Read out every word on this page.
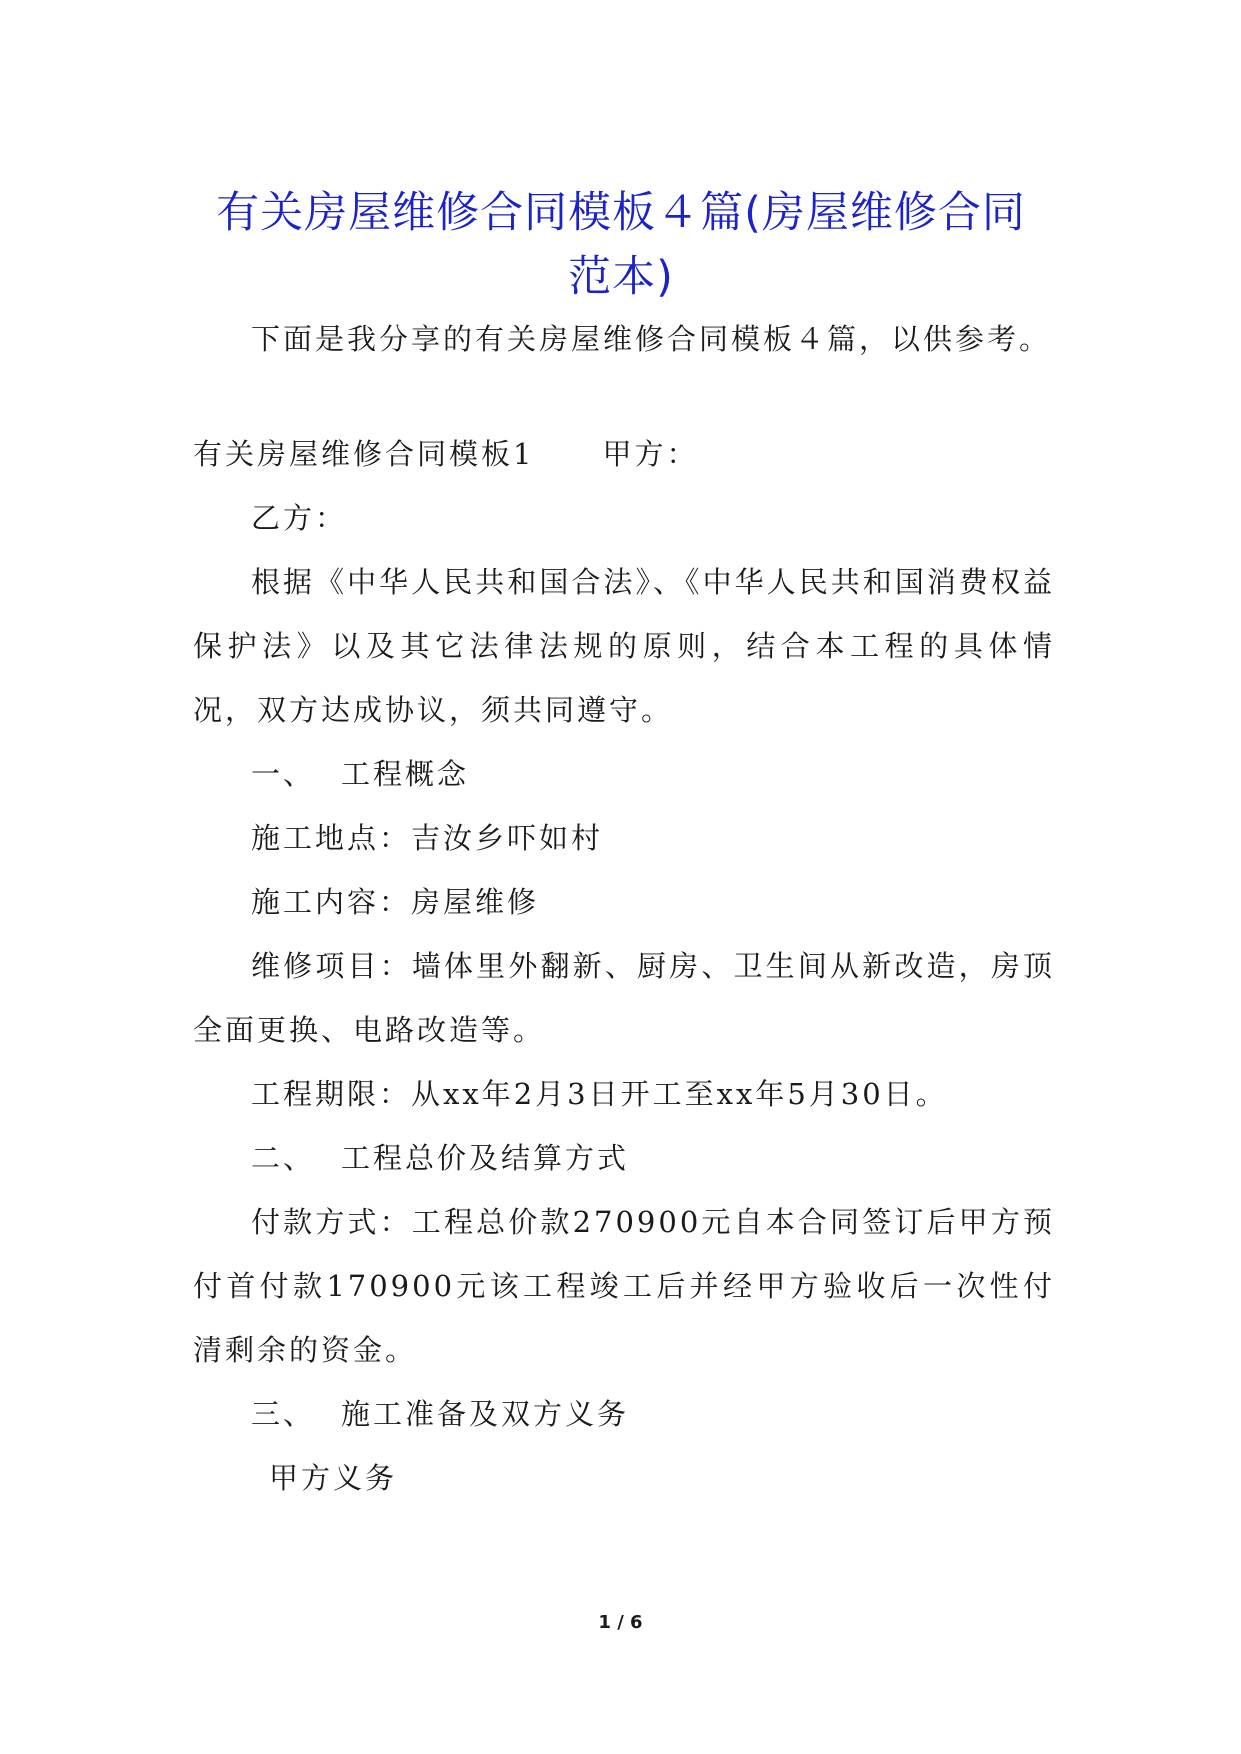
有关房屋维修合同模板４篇(房屋维修合同
范本)

下面是我分享的有关房屋维修合同模板４篇，以供参考。

有关房屋维修合同模板1 甲方：

乙方：

根据《中华人民共和国合法》、《中华人民共和国消费权益保护法》以及其它法律法规的原则，结合本工程的具体情况，双方达成协议，须共同遵守。

一、 工程概念

施工地点：吉汝乡吓如村

施工内容：房屋维修

维修项目：墙体里外翻新、厨房、卫生间从新改造，房顶全面更换、电路改造等。

工程期限：从xx年2月3日开工至xx年5月30日。

二、 工程总价及结算方式

付款方式：工程总价款270900元自本合同签订后甲方预付首付款170900元该工程竣工后并经甲方验收后一次性付清剩余的资金。

三、 施工准备及双方义务

甲方义务

1 / 6
